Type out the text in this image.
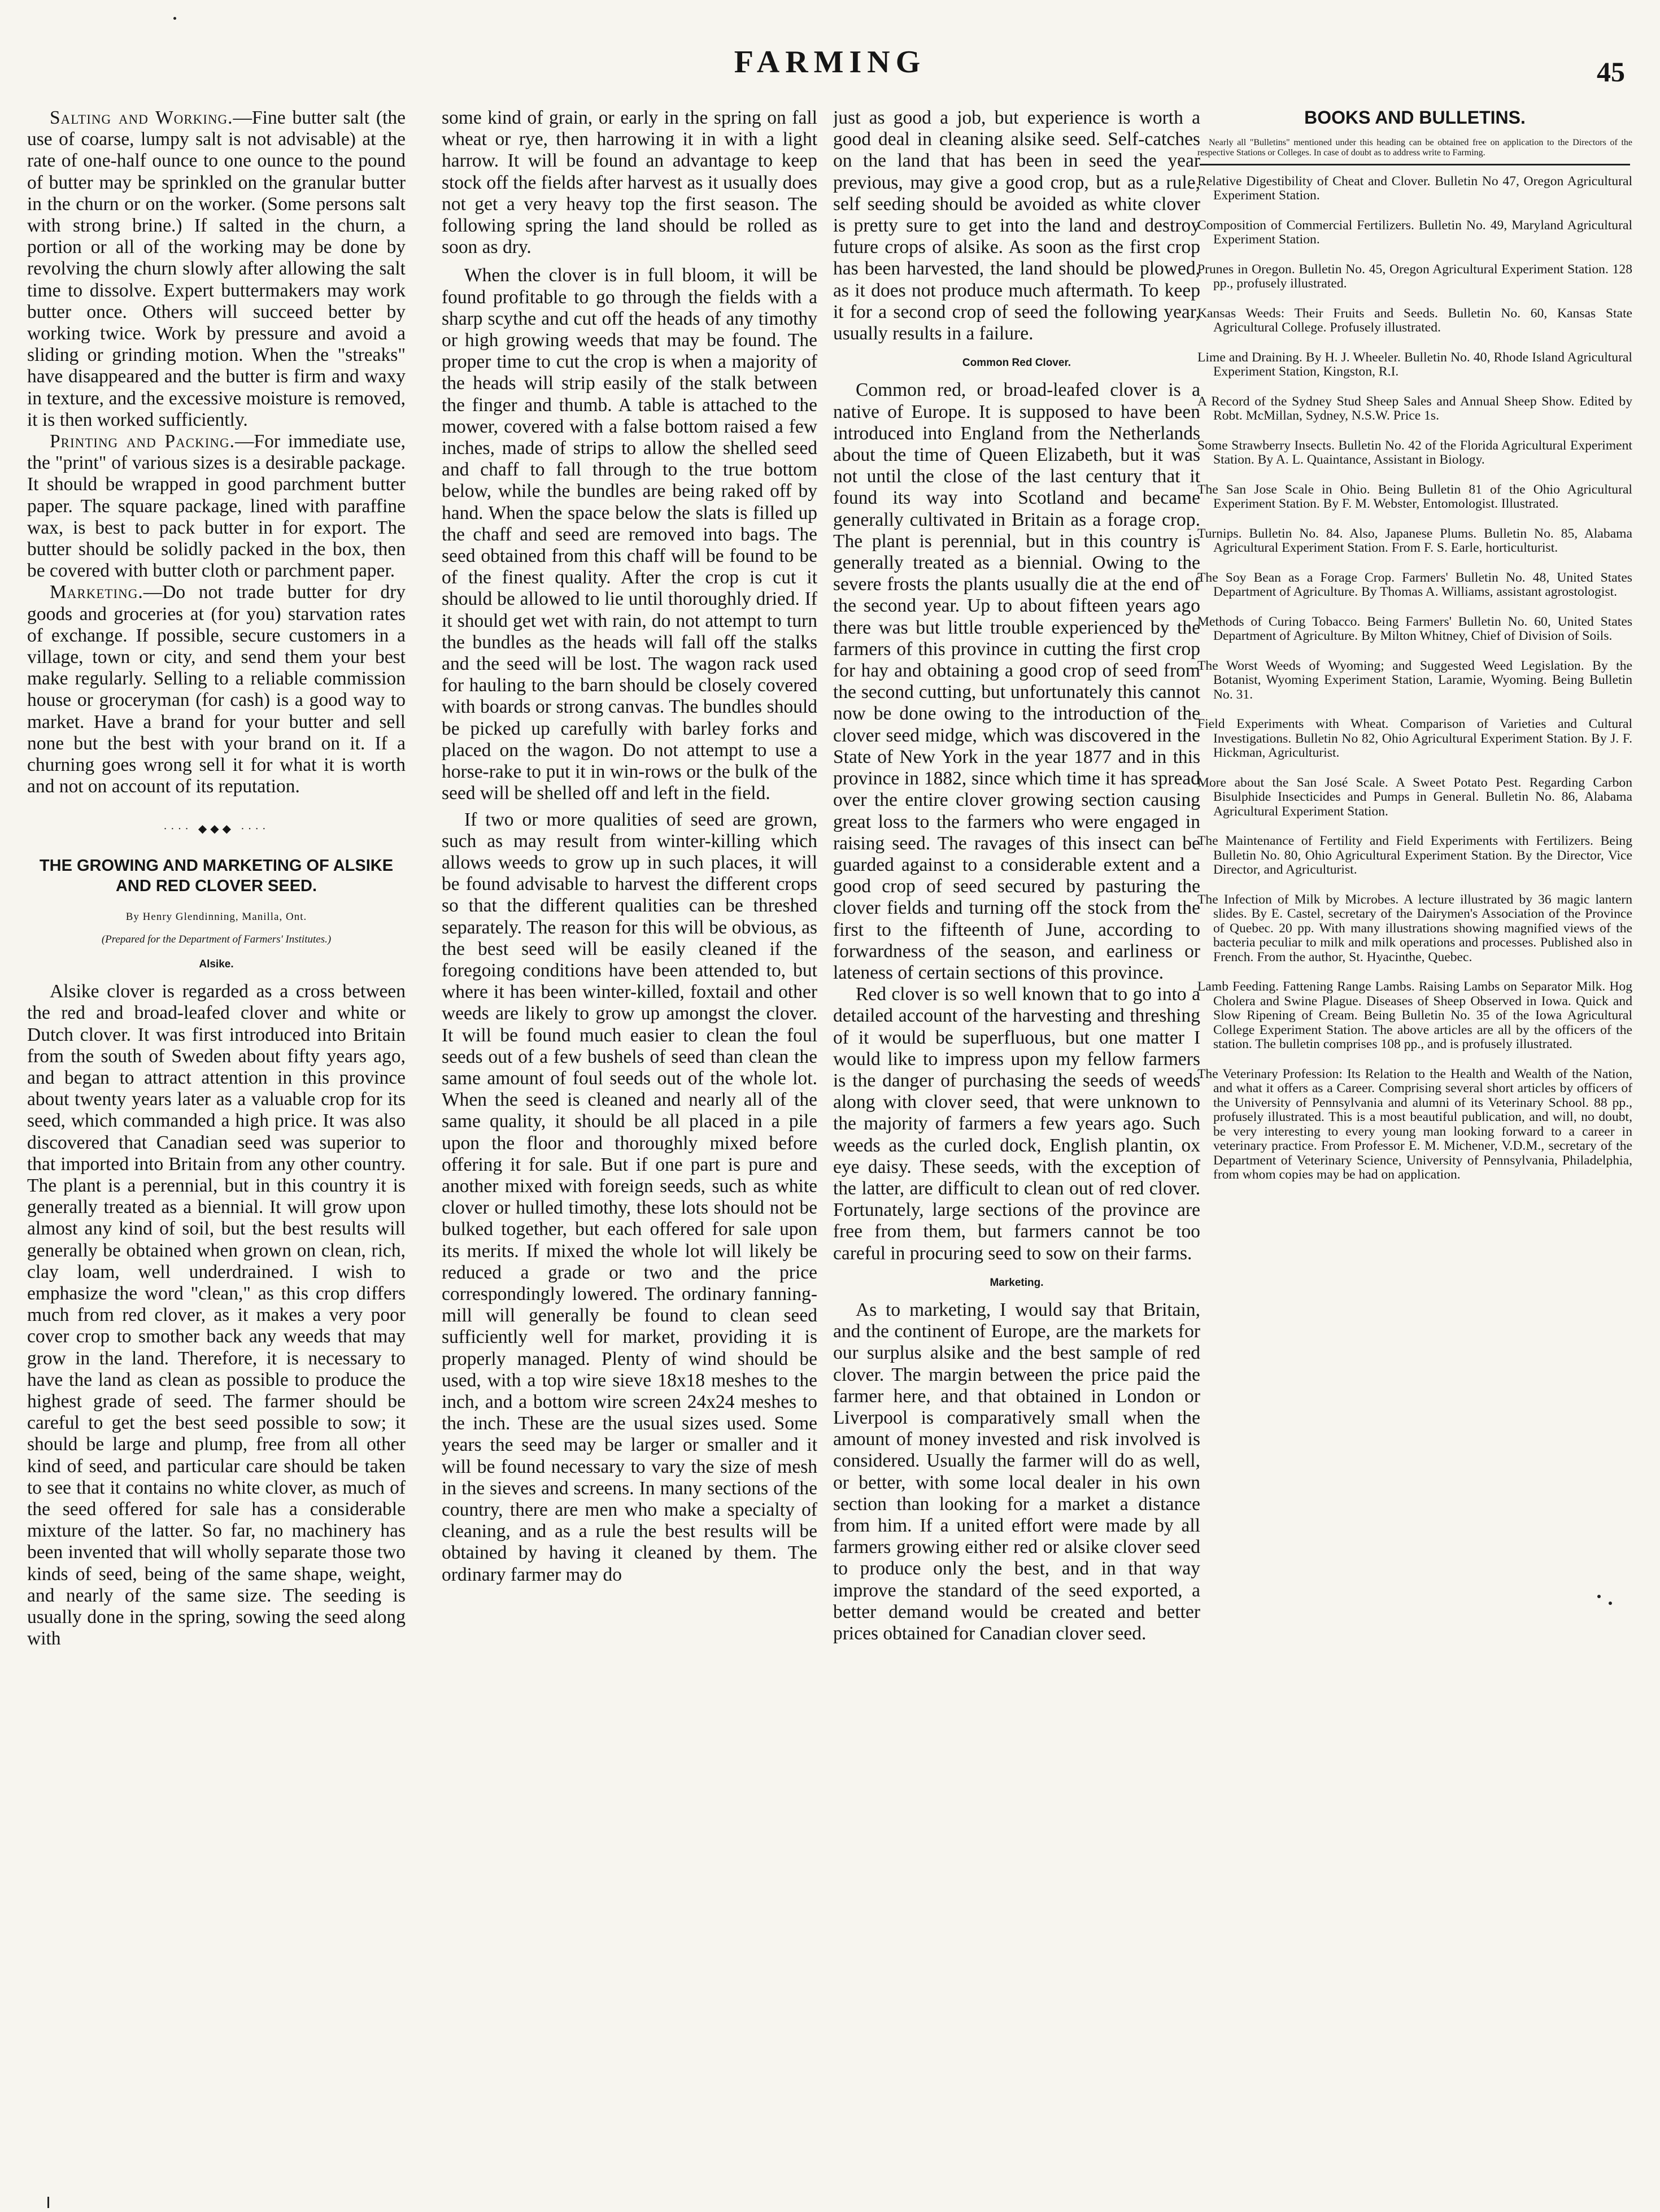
FARMING	45

Salting and Working.—Fine butter salt (the use of coarse, lumpy salt is not advisable) at the rate of one-half ounce to one ounce to the pound of butter may be sprinkled on the granular butter in the churn or on the worker. (Some persons salt with strong brine.) If salted in the churn, a portion or all of the working may be done by revolving the churn slowly after allowing the salt time to dissolve. Expert buttermakers may work butter once. Others will succeed better by working twice. Work by pressure and avoid a sliding or grinding motion. When the "streaks" have disappeared and the butter is firm and waxy in texture, and the excessive moisture is removed, it is then worked sufficiently.

Printing and Packing.—For immediate use, the "print" of various sizes is a desirable package. It should be wrapped in good parchment butter paper. The square package, lined with paraffine wax, is best to pack butter in for export. The butter should be solidly packed in the box, then be covered with butter cloth or parchment paper.

Marketing.—Do not trade butter for dry goods and groceries at (for you) starvation rates of exchange. If possible, secure customers in a village, town or city, and send them your best make regularly. Selling to a reliable commission house or groceryman (for cash) is a good way to market. Have a brand for your butter and sell none but the best with your brand on it. If a churning goes wrong sell it for what it is worth and not on account of its reputation.

···· ◆◆◆ ····
THE GROWING AND MARKETING OF ALSIKE AND RED CLOVER SEED.
By Henry Glendinning, Manilla, Ont.
(Prepared for the Department of Farmers' Institutes.)
Alsike.

Alsike clover is regarded as a cross between the red and broad-leafed clover and white or Dutch clover. It was first introduced into Britain from the south of Sweden about fifty years ago, and began to attract attention in this province about twenty years later as a valuable crop for its seed, which commanded a high price. It was also discovered that Canadian seed was superior to that imported into Britain from any other country. The plant is a perennial, but in this country it is generally treated as a biennial. It will grow upon almost any kind of soil, but the best results will generally be obtained when grown on clean, rich, clay loam, well underdrained. I wish to emphasize the word "clean," as this crop differs much from red clover, as it makes a very poor cover crop to smother back any weeds that may grow in the land. Therefore, it is necessary to have the land as clean as possible to produce the highest grade of seed. The farmer should be careful to get the best seed possible to sow; it should be large and plump, free from all other kind of seed, and particular care should be taken to see that it contains no white clover, as much of the seed offered for sale has a considerable mixture of the latter. So far, no machinery has been invented that will wholly separate those two kinds of seed, being of the same shape, weight, and nearly of the same size. The seeding is usually done in the spring, sowing the seed along with

some kind of grain, or early in the spring on fall wheat or rye, then harrowing it in with a light harrow. It will be found an advantage to keep stock off the fields after harvest as it usually does not get a very heavy top the first season. The following spring the land should be rolled as soon as dry.

When the clover is in full bloom, it will be found profitable to go through the fields with a sharp scythe and cut off the heads of any timothy or high growing weeds that may be found. The proper time to cut the crop is when a majority of the heads will strip easily of the stalk between the finger and thumb. A table is attached to the mower, covered with a false bottom raised a few inches, made of strips to allow the shelled seed and chaff to fall through to the true bottom below, while the bundles are being raked off by hand. When the space below the slats is filled up the chaff and seed are removed into bags. The seed obtained from this chaff will be found to be of the finest quality. After the crop is cut it should be allowed to lie until thoroughly dried. If it should get wet with rain, do not attempt to turn the bundles as the heads will fall off the stalks and the seed will be lost. The wagon rack used for hauling to the barn should be closely covered with boards or strong canvas. The bundles should be picked up carefully with barley forks and placed on the wagon. Do not attempt to use a horse-rake to put it in win-rows or the bulk of the seed will be shelled off and left in the field.

If two or more qualities of seed are grown, such as may result from winter-killing which allows weeds to grow up in such places, it will be found advisable to harvest the different crops so that the different qualities can be threshed separately. The reason for this will be obvious, as the best seed will be easily cleaned if the foregoing conditions have been attended to, but where it has been winter-killed, foxtail and other weeds are likely to grow up amongst the clover. It will be found much easier to clean the foul seeds out of a few bushels of seed than clean the same amount of foul seeds out of the whole lot. When the seed is cleaned and nearly all of the same quality, it should be all placed in a pile upon the floor and thoroughly mixed before offering it for sale. But if one part is pure and another mixed with foreign seeds, such as white clover or hulled timothy, these lots should not be bulked together, but each offered for sale upon its merits. If mixed the whole lot will likely be reduced a grade or two and the price correspondingly lowered. The ordinary fanning-mill will generally be found to clean seed sufficiently well for market, providing it is properly managed. Plenty of wind should be used, with a top wire sieve 18x18 meshes to the inch, and a bottom wire screen 24x24 meshes to the inch. These are the usual sizes used. Some years the seed may be larger or smaller and it will be found necessary to vary the size of mesh in the sieves and screens. In many sections of the country, there are men who make a specialty of cleaning, and as a rule the best results will be obtained by having it cleaned by them. The ordinary farmer may do

just as good a job, but experience is worth a good deal in cleaning alsike seed. Self-catches on the land that has been in seed the year previous, may give a good crop, but as a rule, self seeding should be avoided as white clover is pretty sure to get into the land and destroy future crops of alsike. As soon as the first crop has been harvested, the land should be plowed, as it does not produce much aftermath. To keep it for a second crop of seed the following year, usually results in a failure.

Common Red Clover.

Common red, or broad-leafed clover is a native of Europe. It is supposed to have been introduced into England from the Netherlands about the time of Queen Elizabeth, but it was not until the close of the last century that it found its way into Scotland and became generally cultivated in Britain as a forage crop. The plant is perennial, but in this country is generally treated as a biennial. Owing to the severe frosts the plants usually die at the end of the second year. Up to about fifteen years ago there was but little trouble experienced by the farmers of this province in cutting the first crop for hay and obtaining a good crop of seed from the second cutting, but unfortunately this cannot now be done owing to the introduction of the clover seed midge, which was discovered in the State of New York in the year 1877 and in this province in 1882, since which time it has spread over the entire clover growing section causing great loss to the farmers who were engaged in raising seed. The ravages of this insect can be guarded against to a considerable extent and a good crop of seed secured by pasturing the clover fields and turning off the stock from the first to the fifteenth of June, according to forwardness of the season, and earliness or lateness of certain sections of this province.

Red clover is so well known that to go into a detailed account of the harvesting and threshing of it would be superfluous, but one matter I would like to impress upon my fellow farmers is the danger of purchasing the seeds of weeds along with clover seed, that were unknown to the majority of farmers a few years ago. Such weeds as the curled dock, English plantin, ox eye daisy. These seeds, with the exception of the latter, are difficult to clean out of red clover. Fortunately, large sections of the province are free from them, but farmers cannot be too careful in procuring seed to sow on their farms.

Marketing.

As to marketing, I would say that Britain, and the continent of Europe, are the markets for our surplus alsike and the best sample of red clover. The margin between the price paid the farmer here, and that obtained in London or Liverpool is comparatively small when the amount of money invested and risk involved is considered. Usually the farmer will do as well, or better, with some local dealer in his own section than looking for a market a distance from him. If a united effort were made by all farmers growing either red or alsike clover seed to produce only the best, and in that way improve the standard of the seed exported, a better demand would be created and better prices obtained for Canadian clover seed.

BOOKS AND BULLETINS.
Nearly all "Bulletins" mentioned under this heading can be obtained free on application to the Directors of the respective Stations or Colleges. In case of doubt as to address write to Farming.
Relative Digestibility of Cheat and Clover. Bulletin No 47, Oregon Agricultural Experiment Station.
Composition of Commercial Fertilizers. Bulletin No. 49, Maryland Agricultural Experiment Station.
Prunes in Oregon. Bulletin No. 45, Oregon Agricultural Experiment Station. 128 pp., profusely illustrated.
Kansas Weeds: Their Fruits and Seeds. Bulletin No. 60, Kansas State Agricultural College. Profusely illustrated.
Lime and Draining. By H. J. Wheeler. Bulletin No. 40, Rhode Island Agricultural Experiment Station, Kingston, R.I.
A Record of the Sydney Stud Sheep Sales and Annual Sheep Show. Edited by Robt. McMillan, Sydney, N.S.W. Price 1s.
Some Strawberry Insects. Bulletin No. 42 of the Florida Agricultural Experiment Station. By A. L. Quaintance, Assistant in Biology.
The San Jose Scale in Ohio. Being Bulletin 81 of the Ohio Agricultural Experiment Station. By F. M. Webster, Entomologist. Illustrated.
Turnips. Bulletin No. 84. Also, Japanese Plums. Bulletin No. 85, Alabama Agricultural Experiment Station. From F. S. Earle, horticulturist.
The Soy Bean as a Forage Crop. Farmers' Bulletin No. 48, United States Department of Agriculture. By Thomas A. Williams, assistant agrostologist.
Methods of Curing Tobacco. Being Farmers' Bulletin No. 60, United States Department of Agriculture. By Milton Whitney, Chief of Division of Soils.
The Worst Weeds of Wyoming; and Suggested Weed Legislation. By the Botanist, Wyoming Experiment Station, Laramie, Wyoming. Being Bulletin No. 31.
Field Experiments with Wheat. Comparison of Varieties and Cultural Investigations. Bulletin No 82, Ohio Agricultural Experiment Station. By J. F. Hickman, Agriculturist.
More about the San José Scale. A Sweet Potato Pest. Regarding Carbon Bisulphide Insecticides and Pumps in General. Bulletin No. 86, Alabama Agricultural Experiment Station.
The Maintenance of Fertility and Field Experiments with Fertilizers. Being Bulletin No. 80, Ohio Agricultural Experiment Station. By the Director, Vice Director, and Agriculturist.
The Infection of Milk by Microbes. A lecture illustrated by 36 magic lantern slides. By E. Castel, secretary of the Dairymen's Association of the Province of Quebec. 20 pp. With many illustrations showing magnified views of the bacteria peculiar to milk and milk operations and processes. Published also in French. From the author, St. Hyacinthe, Quebec.
Lamb Feeding. Fattening Range Lambs. Raising Lambs on Separator Milk. Hog Cholera and Swine Plague. Diseases of Sheep Observed in Iowa. Quick and Slow Ripening of Cream. Being Bulletin No. 35 of the Iowa Agricultural College Experiment Station. The above articles are all by the officers of the station. The bulletin comprises 108 pp., and is profusely illustrated.
The Veterinary Profession: Its Relation to the Health and Wealth of the Nation, and what it offers as a Career. Comprising several short articles by officers of the University of Pennsylvania and alumni of its Veterinary School. 88 pp., profusely illustrated. This is a most beautiful publication, and will, no doubt, be very interesting to every young man looking forward to a career in veterinary practice. From Professor E. M. Michener, V.D.M., secretary of the Department of Veterinary Science, University of Pennsylvania, Philadelphia, from whom copies may be had on application.
